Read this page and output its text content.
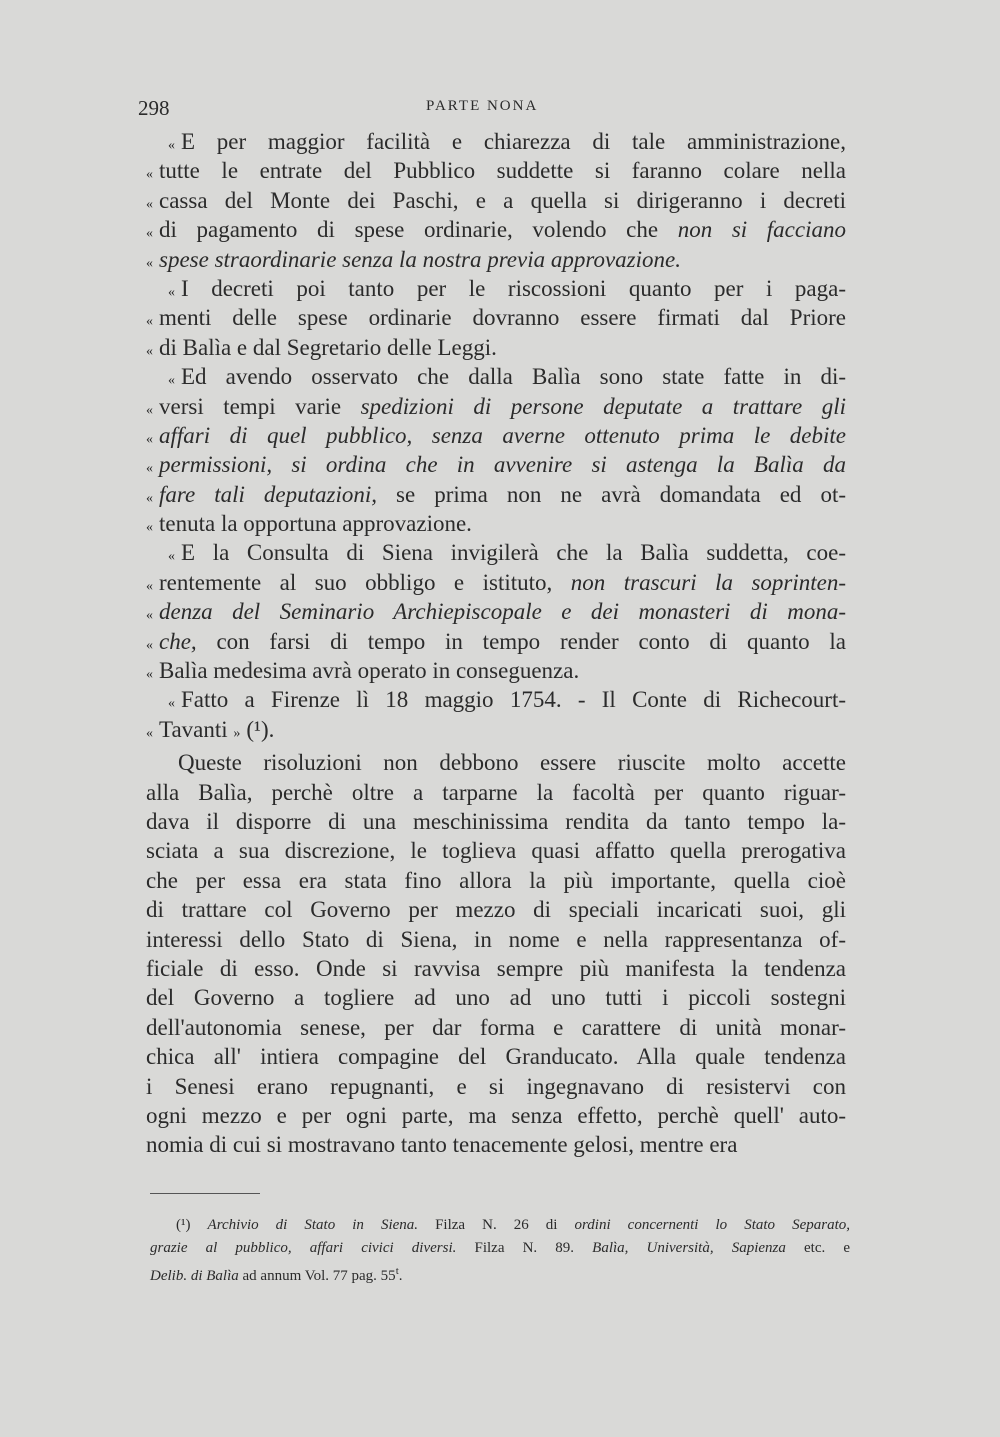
298	PARTE NONA
« E per maggior facilità e chiarezza di tale amministrazione,
« tutte le entrate del Pubblico suddette si faranno colare nella
« cassa del Monte dei Paschi, e a quella si dirigeranno i decreti
« di pagamento di spese ordinarie, volendo che non si facciano
« spese straordinarie senza la nostra previa approvazione.
« I decreti poi tanto per le riscossioni quanto per i paga-
« menti delle spese ordinarie dovranno essere firmati dal Priore
« di Balìa e dal Segretario delle Leggi.
« Ed avendo osservato che dalla Balìa sono state fatte in di-
« versi tempi varie spedizioni di persone deputate a trattare gli
« affari di quel pubblico, senza averne ottenuto prima le debite
« permissioni, si ordina che in avvenire si astenga la Balìa da
« fare tali deputazioni, se prima non ne avrà domandata ed ot-
« tenuta la opportuna approvazione.
« E la Consulta di Siena invigilerà che la Balìa suddetta, coe-
« rentemente al suo obbligo e istituto, non trascuri la soprinten-
« denza del Seminario Archiepiscopale e dei monasteri di mona-
« che, con farsi di tempo in tempo render conto di quanto la
« Balìa medesima avrà operato in conseguenza.
« Fatto a Firenze lì 18 maggio 1754. - Il Conte di Richecourt-
« Tavanti » (¹).
Queste risoluzioni non debbono essere riuscite molto accette
alla Balìa, perchè oltre a tarparne la facoltà per quanto riguar-
dava il disporre di una meschinissima rendita da tanto tempo la-
sciata a sua discrezione, le toglieva quasi affatto quella prerogativa
che per essa era stata fino allora la più importante, quella cioè
di trattare col Governo per mezzo di speciali incaricati suoi, gli
interessi dello Stato di Siena, in nome e nella rappresentanza of-
ficiale di esso. Onde si ravvisa sempre più manifesta la tendenza
del Governo a togliere ad uno ad uno tutti i piccoli sostegni
dell'autonomia senese, per dar forma e carattere di unità monar-
chica all' intiera compagine del Granducato. Alla quale tendenza
i Senesi erano repugnanti, e si ingegnavano di resistervi con
ogni mezzo e per ogni parte, ma senza effetto, perchè quell' auto-
nomia di cui si mostravano tanto tenacemente gelosi, mentre era
(¹) Archivio di Stato in Siena. Filza N. 26 di ordini concernenti lo Stato Separato,
grazie al pubblico, affari civici diversi. Filza N. 89. Balìa, Università, Sapienza etc. e
Delib. di Balìa ad annum Vol. 77 pag. 55$^t$.
